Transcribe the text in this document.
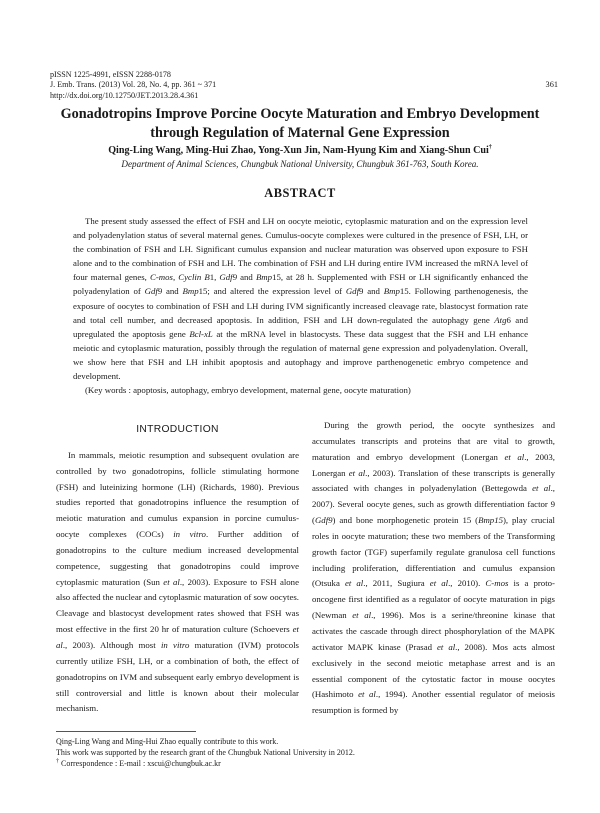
pISSN 1225-4991, eISSN 2288-0178
J. Emb. Trans. (2013) Vol. 28, No. 4, pp. 361 ~ 371
http://dx.doi.org/10.12750/JET.2013.28.4.361
361
Gonadotropins Improve Porcine Oocyte Maturation and Embryo Development
through Regulation of Maternal Gene Expression
Qing-Ling Wang, Ming-Hui Zhao, Yong-Xun Jin, Nam-Hyung Kim and Xiang-Shun Cui†
Department of Animal Sciences, Chungbuk National University, Chungbuk 361-763, South Korea.
ABSTRACT

The present study assessed the effect of FSH and LH on oocyte meiotic, cytoplasmic maturation and on the expression level and polyadenylation status of several maternal genes. Cumulus-oocyte complexes were cultured in the presence of FSH, LH, or the combination of FSH and LH. Significant cumulus expansion and nuclear maturation was observed upon exposure to FSH alone and to the combination of FSH and LH. The combination of FSH and LH during entire IVM increased the mRNA level of four maternal genes, C-mos, Cyclin B1, Gdf9 and Bmp15, at 28 h. Supplemented with FSH or LH significantly enhanced the polyadenylation of Gdf9 and Bmp15; and altered the expression level of Gdf9 and Bmp15. Following parthenogenesis, the exposure of oocytes to combination of FSH and LH during IVM significantly increased cleavage rate, blastocyst formation rate and total cell number, and decreased apoptosis. In addition, FSH and LH down-regulated the autophagy gene Atg6 and upregulated the apoptosis gene Bcl-xL at the mRNA level in blastocysts. These data suggest that the FSH and LH enhance meiotic and cytoplasmic maturation, possibly through the regulation of maternal gene expression and polyadenylation. Overall, we show here that FSH and LH inhibit apoptosis and autophagy and improve parthenogenetic embryo competence and development.

(Key words : apoptosis, autophagy, embryo development, maternal gene, oocyte maturation)

INTRODUCTION

In mammals, meiotic resumption and subsequent ovulation are controlled by two gonadotropins, follicle stimulating hormone (FSH) and luteinizing hormone (LH) (Richards, 1980). Previous studies reported that gonadotropins influence the resumption of meiotic maturation and cumulus expansion in porcine cumulus-oocyte complexes (COCs) in vitro. Further addition of gonadotropins to the culture medium increased developmental competence, suggesting that gonadotropins could improve cytoplasmic maturation (Sun et al., 2003). Exposure to FSH alone also affected the nuclear and cytoplasmic maturation of sow oocytes. Cleavage and blastocyst development rates showed that FSH was most effective in the first 20 hr of maturation culture (Schoevers et al., 2003). Although most in vitro maturation (IVM) protocols currently utilize FSH, LH, or a combination of both, the effect of gonadotropins on IVM and subsequent early embryo development is still controversial and little is known about their molecular mechanism.

During the growth period, the oocyte synthesizes and accumulates transcripts and proteins that are vital to growth, maturation and embryo development (Lonergan et al., 2003, Lonergan et al., 2003). Translation of these transcripts is generally associated with changes in polyadenylation (Bettegowda et al., 2007). Several oocyte genes, such as growth differentiation factor 9 (Gdf9) and bone morphogenetic protein 15 (Bmp15), play crucial roles in oocyte maturation; these two members of the Transforming growth factor (TGF) superfamily regulate granulosa cell functions including proliferation, differentiation and cumulus expansion (Otsuka et al., 2011, Sugiura et al., 2010). C-mos is a proto-oncogene first identified as a regulator of oocyte maturation in pigs (Newman et al., 1996). Mos is a serine/threonine kinase that activates the cascade through direct phosphorylation of the MAPK activator MAPK kinase (Prasad et al., 2008). Mos acts almost exclusively in the second meiotic metaphase arrest and is an essential component of the cytostatic factor in mouse oocytes (Hashimoto et al., 1994). Another essential regulator of meiosis resumption is formed by

Qing-Ling Wang and Ming-Hui Zhao equally contribute to this work.
This work was supported by the research grant of the Chungbuk National University in 2012.
† Correspondence : E-mail : xscui@chungbuk.ac.kr
